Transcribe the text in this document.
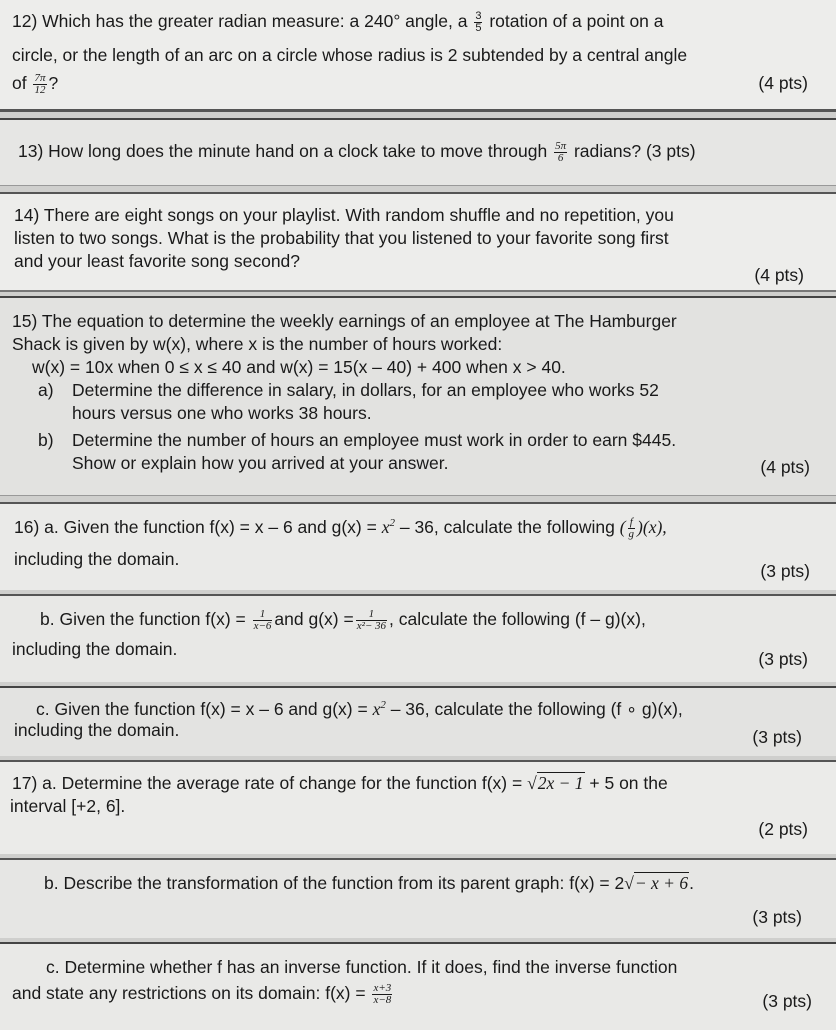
12) Which has the greater radian measure: a 240° angle, a $\frac{3}{5}$ rotation of a point on a
circle, or the length of an arc on a circle whose radius is 2 subtended by a central angle
of $\frac{7\pi}{12}$ ?	(4 pts)
13) How long does the minute hand on a clock take to move through $\frac{5\pi}{6}$ radians? (3 pts)
14) There are eight songs on your playlist. With random shuffle and no repetition, you
listen to two songs. What is the probability that you listened to your favorite song first
and your least favorite song second?
(4 pts)
15) The equation to determine the weekly earnings of an employee at The Hamburger
Shack is given by w(x), where x is the number of hours worked:
w(x) = 10x when 0 ≤ x ≤ 40 and w(x) = 15(x – 40) + 400 when x > 40.
a) Determine the difference in salary, in dollars, for an employee who works 52
hours versus one who works 38 hours.
b) Determine the number of hours an employee must work in order to earn $445.
Show or explain how you arrived at your answer.	(4 pts)
16) a. Given the function f(x) = x – 6 and $g(x) = x^2 - 36$, calculate the following ( $\frac{f}{g} )(x)$,
including the domain.
(3 pts)
b. Given the function $f(x) = \frac{1}{x-6}$ and $g(x) = \frac{1}{\text{x²− 36}}$ , calculate the following (f – g)(x),
including the domain.	(3 pts)
c. Given the function f(x) = x – 6 and $g(x) = x^2 - 36$, calculate the following (f ∘ g)(x),
including the domain.	(3 pts)
17) a. Determine the average rate of change for the function f(x) = √2x − 1 + 5 on the
interval [+2, 6].
(2 pts)
b. Describe the transformation of the function from its parent graph: f(x) = 2√− x + 6.
(3 pts)
c. Determine whether f has an inverse function. If it does, find the inverse function
and state any restrictions on its domain: $f(x) = \frac{x+3}{x-8}$	(3 pts)
